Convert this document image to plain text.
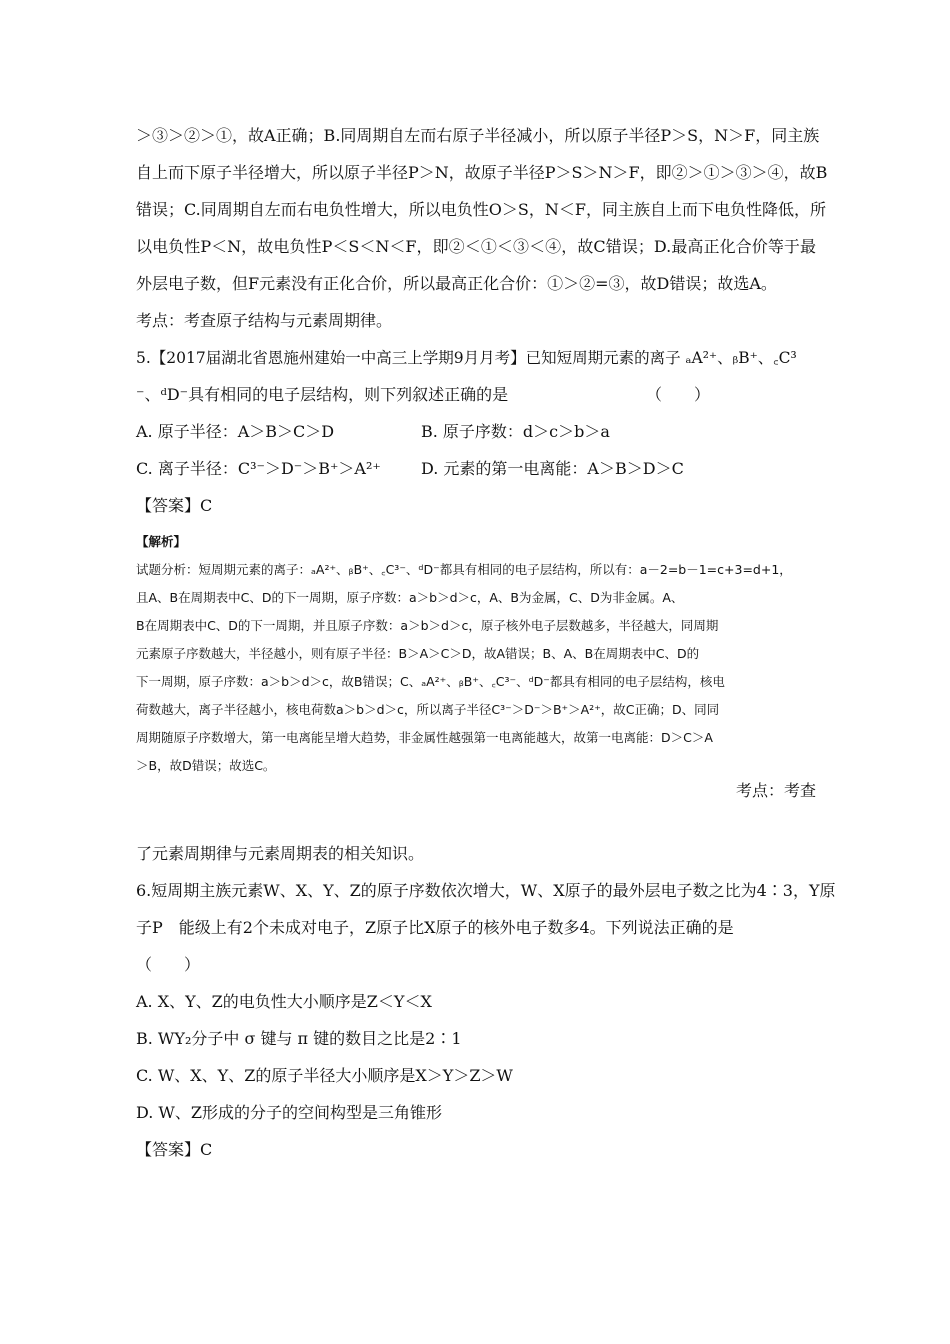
＞③＞②＞①，故A正确；B.同周期自左而右原子半径减小，所以原子半径P＞S，N＞F，同主族
自上而下原子半径增大，所以原子半径P＞N，故原子半径P＞S＞N＞F，即②＞①＞③＞④，故B
错误；C.同周期自左而右电负性增大，所以电负性O＞S，N＜F，同主族自上而下电负性降低，所
以电负性P＜N，故电负性P＜S＜N＜F，即②＜①＜③＜④，故C错误；D.最高正化合价等于最
外层电子数，但F元素没有正化合价，所以最高正化合价：①＞②=③，故D错误；故选A。
考点：考查原子结构与元素周期律。
5.【2017届湖北省恩施州建始一中高三上学期9月月考】已知短周期元素的离子 ₐA²⁺、ᵦB⁺、꜀C³
⁻、ᵈD⁻具有相同的电子层结构，则下列叙述正确的是	（　　）
A. 原子半径：A＞B＞C＞D	B. 原子序数：d＞c＞b＞a
C. 离子半径：C³⁻＞D⁻＞B⁺＞A²⁺	D. 元素的第一电离能：A＞B＞D＞C
【答案】C
【解析】
试题分析：短周期元素的离子：ₐA²⁺、ᵦB⁺、꜀C³⁻、ᵈD⁻都具有相同的电子层结构，所以有：a－2=b－1=c+3=d+1，
且A、B在周期表中C、D的下一周期，原子序数：a＞b＞d＞c，A、B为金属，C、D为非金属。A、
B在周期表中C、D的下一周期，并且原子序数：a＞b＞d＞c，原子核外电子层数越多，半径越大，同周期
元素原子序数越大，半径越小，则有原子半径：B＞A＞C＞D，故A错误；B、A、B在周期表中C、D的
下一周期，原子序数：a＞b＞d＞c，故B错误；C、ₐA²⁺、ᵦB⁺、꜀C³⁻、ᵈD⁻都具有相同的电子层结构，核电
荷数越大，离子半径越小，核电荷数a＞b＞d＞c，所以离子半径C³⁻＞D⁻＞B⁺＞A²⁺，故C正确；D、同同
周期随原子序数增大，第一电离能呈增大趋势，非金属性越强第一电离能越大，故第一电离能：D＞C＞A
＞B，故D错误；故选C。
考点：考查
了元素周期律与元素周期表的相关知识。
6.短周期主族元素W、X、Y、Z的原子序数依次增大，W、X原子的最外层电子数之比为4∶3，Y原
子P　能级上有2个未成对电子，Z原子比X原子的核外电子数多4。下列说法正确的是
（　　）
A. X、Y、Z的电负性大小顺序是Z＜Y＜X
B. WY₂分子中 σ 键与 π 键的数目之比是2∶1
C. W、X、Y、Z的原子半径大小顺序是X＞Y＞Z＞W
D. W、Z形成的分子的空间构型是三角锥形
【答案】C
